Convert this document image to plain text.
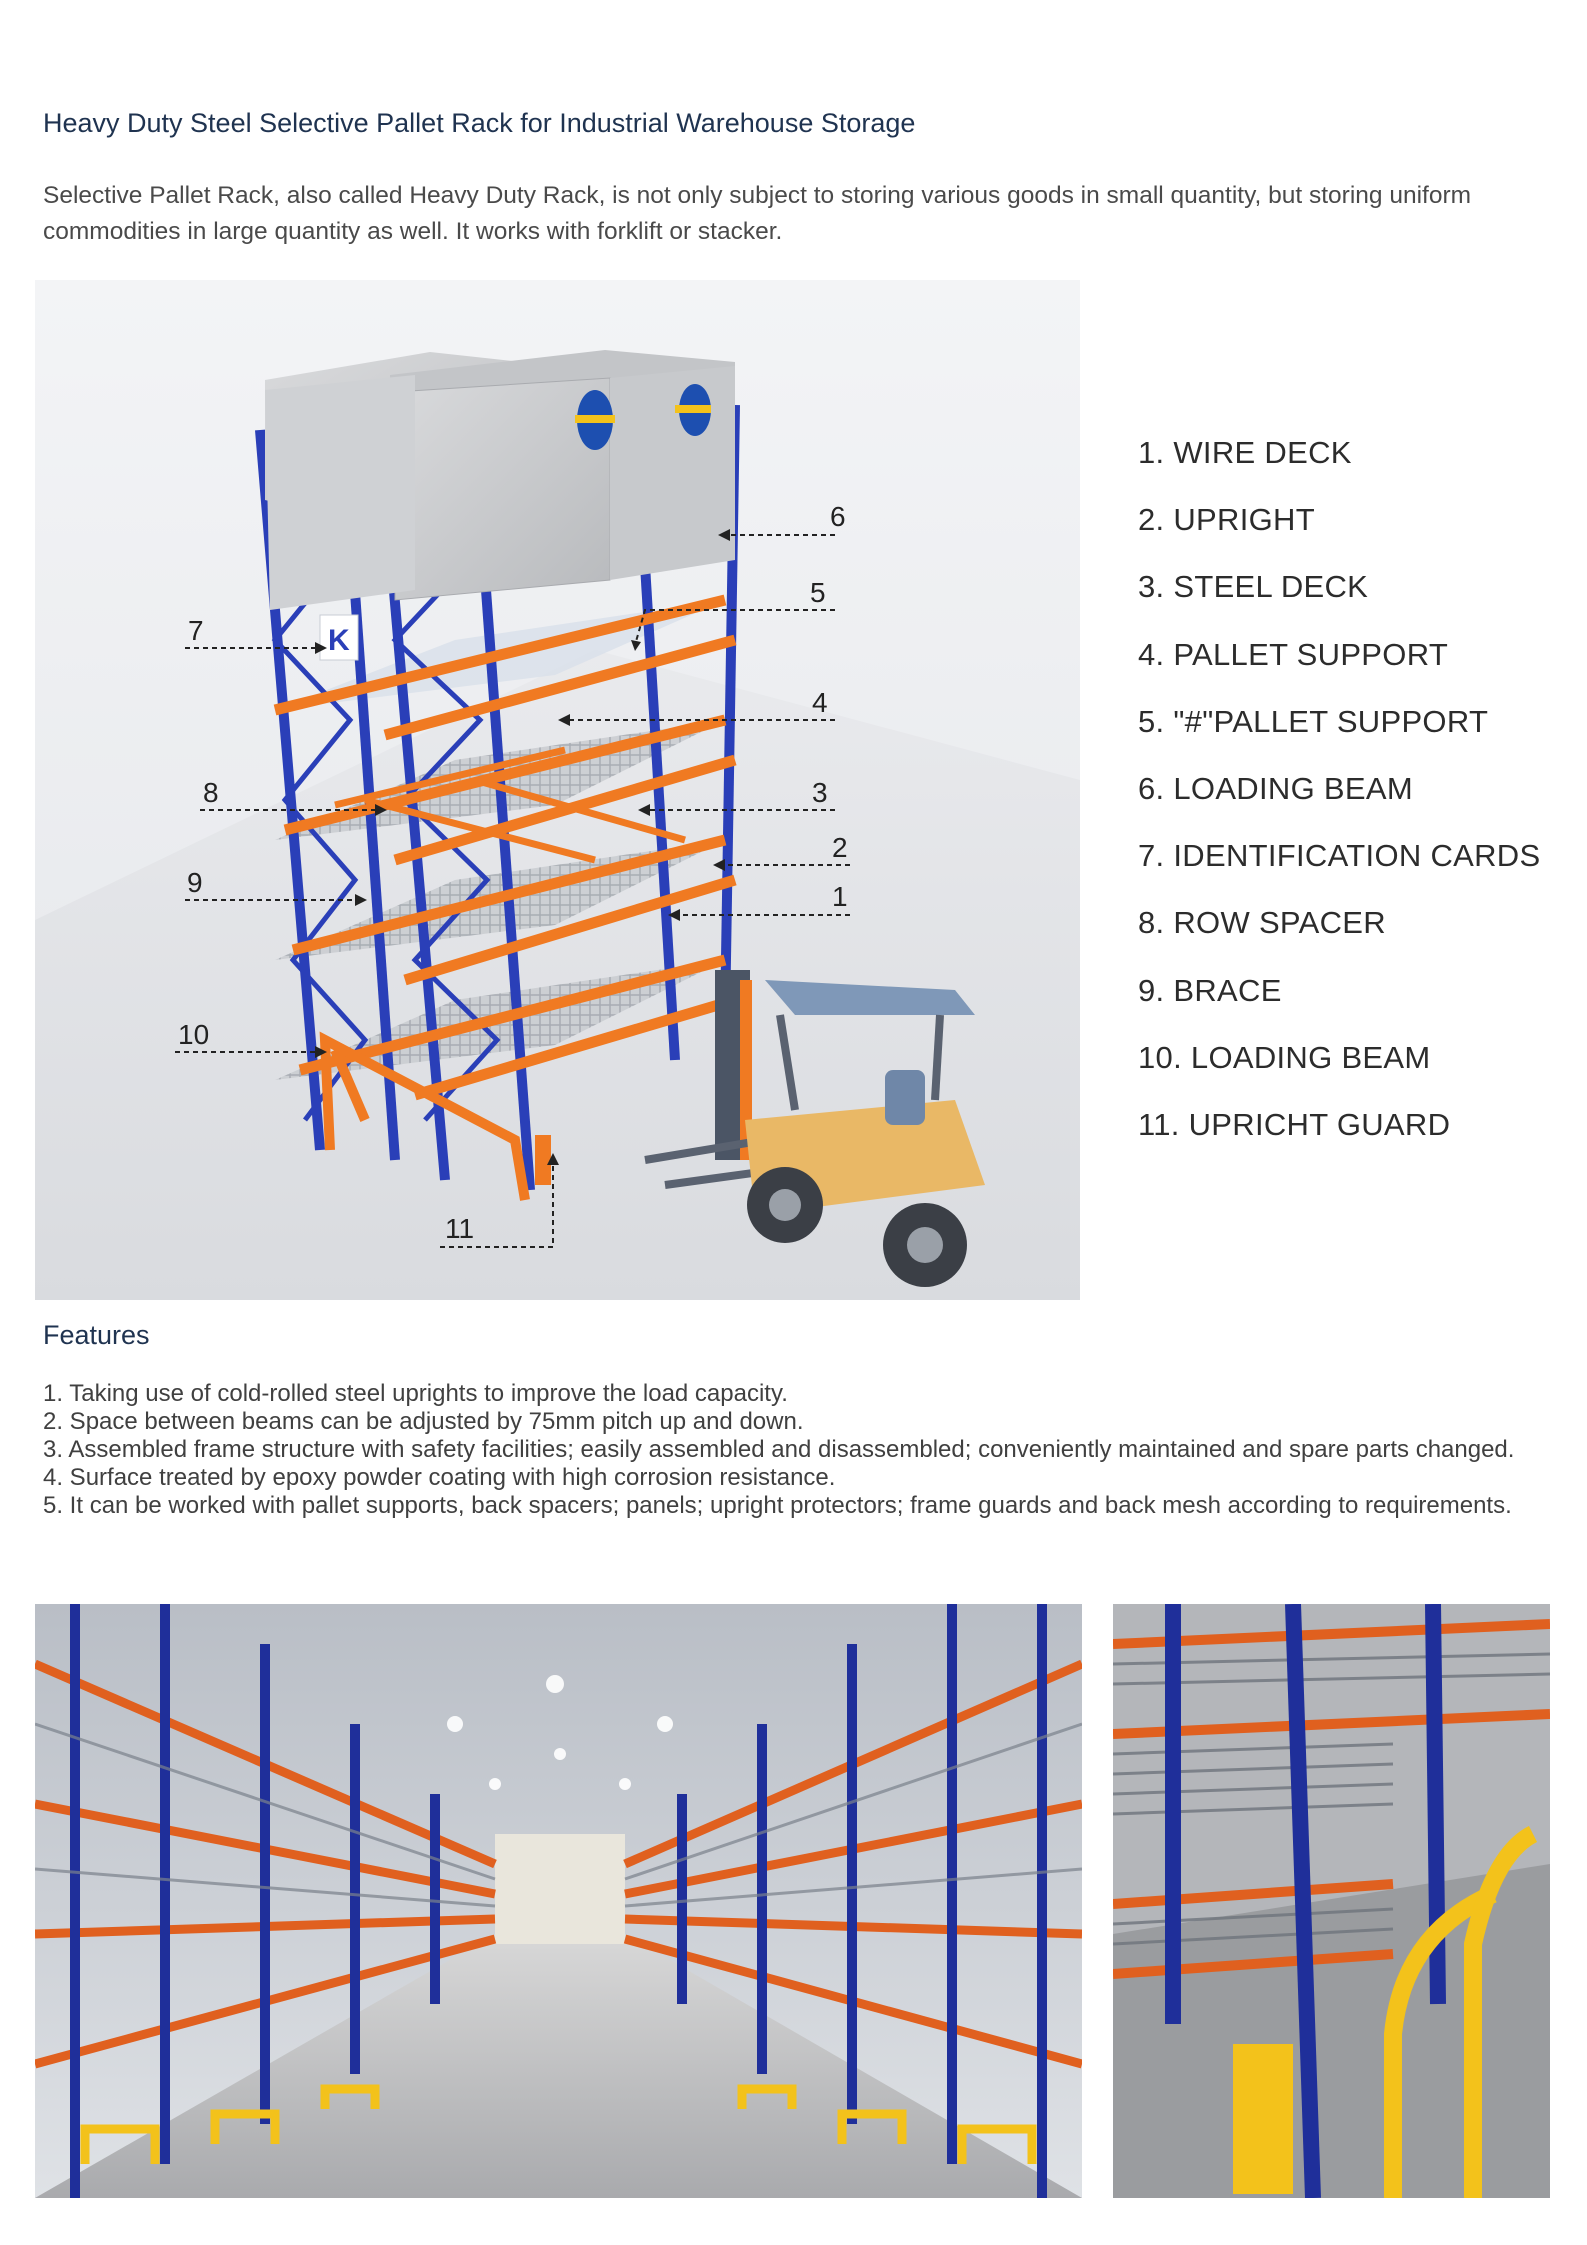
Heavy Duty Steel Selective Pallet Rack for Industrial Warehouse Storage
Selective Pallet Rack, also called Heavy Duty Rack, is not only subject to storing various goods in small quantity, but storing uniform commodities in large quantity as well. It works with forklift or stacker.
K
6
5
4
3
2
1
7
8
9
10
11
1. WIRE DECK
2. UPRIGHT
3. STEEL DECK
4. PALLET SUPPORT
5. "#"PALLET SUPPORT
6. LOADING BEAM
7. IDENTIFICATION CARDS
8. ROW SPACER
9. BRACE
10. LOADING BEAM
11. UPRICHT GUARD
Features
1. Taking use of cold-rolled steel uprights to improve the load capacity.
2. Space between beams can be adjusted by 75mm pitch up and down.
3. Assembled frame structure with safety facilities; easily assembled and disassembled; conveniently maintained and spare parts changed.
4. Surface treated by epoxy powder coating with high corrosion resistance.
5. It can be worked with pallet supports, back spacers; panels; upright protectors; frame guards and back mesh according to requirements.
